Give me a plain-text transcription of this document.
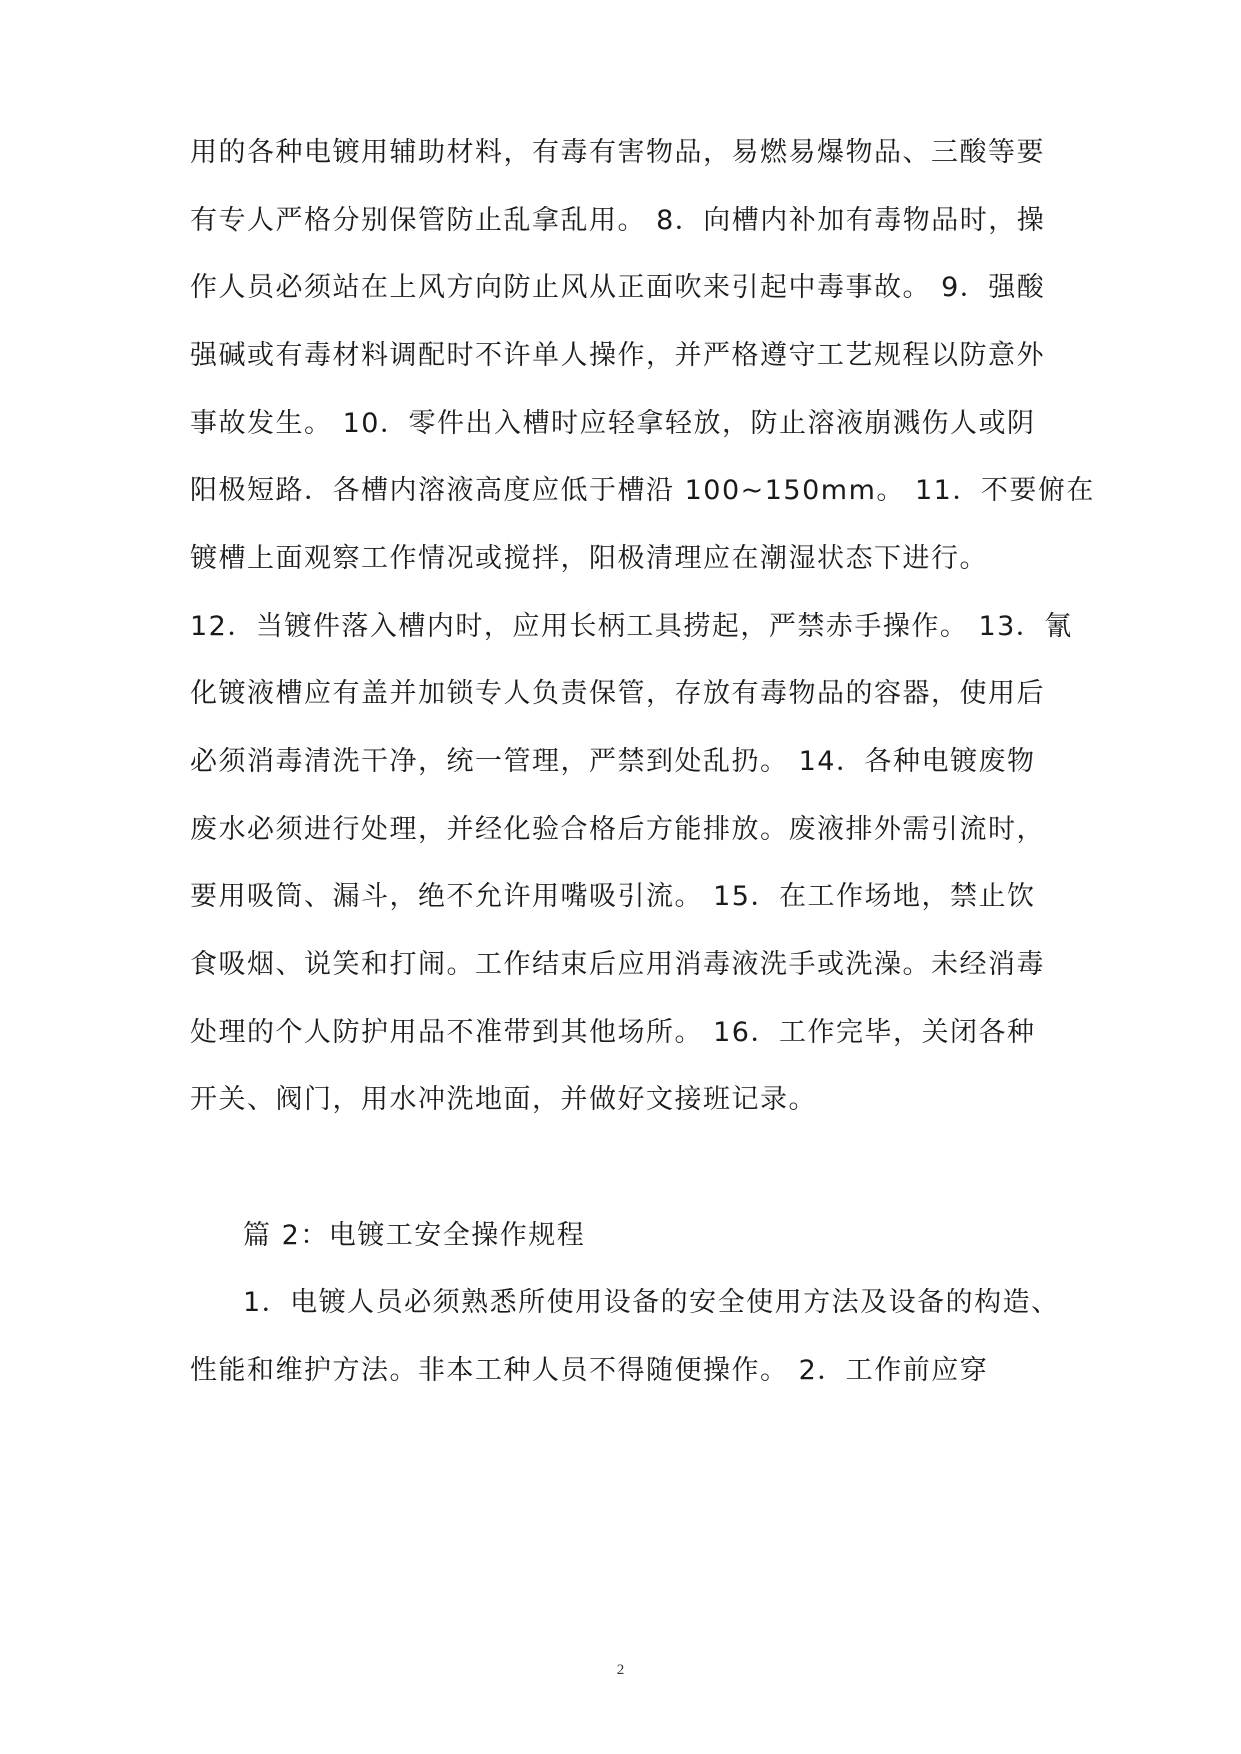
用的各种电镀用辅助材料，有毒有害物品，易燃易爆物品、三酸等要
有专人严格分别保管防止乱拿乱用。 8．向槽内补加有毒物品时，操
作人员必须站在上风方向防止风从正面吹来引起中毒事故。 9．强酸
强碱或有毒材料调配时不许单人操作，并严格遵守工艺规程以防意外
事故发生。 10．零件出入槽时应轻拿轻放，防止溶液崩溅伤人或阴
阳极短路．各槽内溶液高度应低于槽沿 100~150mm。 11．不要俯在
镀槽上面观察工作情况或搅拌，阳极清理应在潮湿状态下进行。
12．当镀件落入槽内时，应用长柄工具捞起，严禁赤手操作。 13．氰
化镀液槽应有盖并加锁专人负责保管，存放有毒物品的容器，使用后
必须消毒清洗干净，统一管理，严禁到处乱扔。 14．各种电镀废物
废水必须进行处理，并经化验合格后方能排放。废液排外需引流时，
要用吸筒、漏斗，绝不允许用嘴吸引流。 15．在工作场地，禁止饮
食吸烟、说笑和打闹。工作结束后应用消毒液洗手或洗澡。未经消毒
处理的个人防护用品不准带到其他场所。 16．工作完毕，关闭各种
开关、阀门，用水冲洗地面，并做好文接班记录。
篇 2：电镀工安全操作规程
1．电镀人员必须熟悉所使用设备的安全使用方法及设备的构造、
性能和维护方法。非本工种人员不得随便操作。 2．工作前应穿
2
